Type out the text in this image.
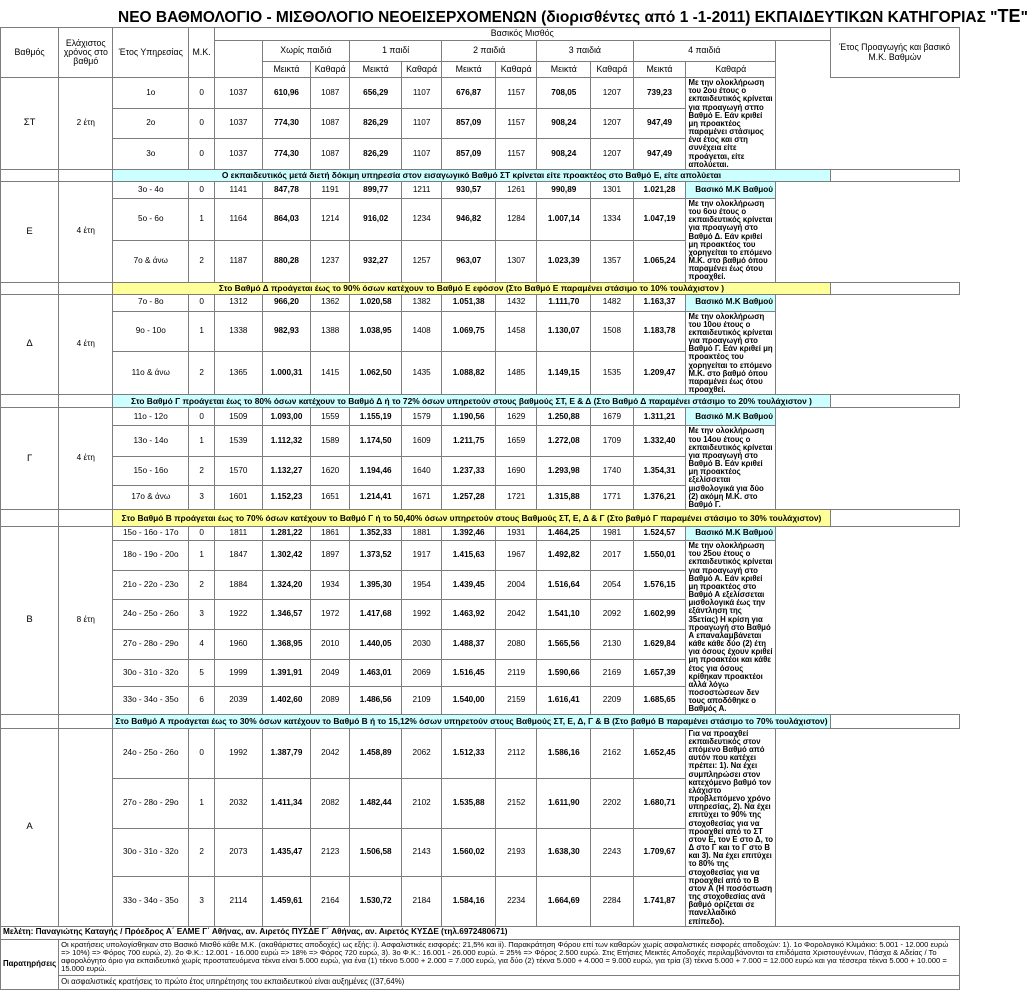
ΝΕΟ ΒΑΘΜΟΛΟΓΙΟ - ΜΙΣΘΟΛΟΓΙΟ ΝΕΟΕΙΣΕΡΧΟΜΕΝΩΝ (διορισθέντες από 1 -1-2011) ΕΚΠΑΙΔΕΥΤΙΚΩΝ ΚΑΤΗΓΟΡΙΑΣ "ΤΕ"
Βαθμός	Ελάχιστος χρόνος στο βαθμό	Έτος Υπηρεσίας	Μ.Κ.	Βασικός Μισθός											Έτος Προαγωγής και βασικό Μ.Κ. Βαθμών
					Χωρίς παιδιά		1 παιδί		2 παιδιά		3 παιδιά		4 παιδιά		
					Μεικτά	Καθαρά	Μεικτά	Καθαρά	Μεικτά	Καθαρά	Μεικτά	Καθαρά	Μεικτά	Καθαρά	
ΣΤ	2 έτη	1ο	0	1037	610,96	1087	656,29	1107	676,87	1157	708,05	1207	739,23	Με την ολοκλήρωση του 2ου έτους ο εκπαιδευτικός κρίνεται για προαγωγή στπο Βαθμό Ε. Εάν κριθεί μη προακτέος παραμένει στάσιμος ένα έτος και στη συνέχεια είτε προάγεται, είτε απολύεται.	
		2ο	0	1037	774,30	1087	826,29	1107	857,09	1157	908,24	1207	947,49		
		3ο	0	1037	774,30	1087	826,29	1107	857,09	1157	908,24	1207	947,49		
		Ο εκπαιδευτικός μετά διετή δόκιμη υπηρεσία στον εισαγωγικό Βαθμό ΣΤ κρίνεται είτε προακτέος στο Βαθμό Ε, είτε απολύεται													
Ε	4 έτη	3ο - 4ο	0	1141	847,78	1191	899,77	1211	930,57	1261	990,89	1301	1.021,28	Βασικό Μ.Κ Βαθμού	
		5ο - 6ο	1	1164	864,03	1214	916,02	1234	946,82	1284	1.007,14	1334	1.047,19	Με την ολοκλήρωση του 6ου έτους ο εκπαιδευτικός κρίνεται για προαγωγή στο Βαθμό Δ. Εάν κριθεί μη προακτέος του χορηγείται το επόμενο Μ.Κ. στο βαθμό όπου παραμένει έως ότου προαχθεί.	
		7ο & άνω	2	1187	880,28	1237	932,27	1257	963,07	1307	1.023,39	1357	1.065,24		
		Στο Βαθμό Δ προάγεται έως το 90% όσων κατέχουν το Βαθμό Ε εφόσον (Στο Βαθμό Ε παραμένει στάσιμο το 10% τουλάχιστον )													
Δ	4 έτη	7ο - 8ο	0	1312	966,20	1362	1.020,58	1382	1.051,38	1432	1.111,70	1482	1.163,37	Βασικό Μ.Κ Βαθμού	
		9ο - 10ο	1	1338	982,93	1388	1.038,95	1408	1.069,75	1458	1.130,07	1508	1.183,78	Με την ολοκλήρωση του 10ου έτους ο εκπαιδευτικός κρίνεται για προαγωγή στο Βαθμό Γ. Εάν κριθεί μη προακτέος του χορηγείται το επόμενο Μ.Κ. στο βαθμό όπου παραμένει έως ότου προαχθεί.	
		11ο & άνω	2	1365	1.000,31	1415	1.062,50	1435	1.088,82	1485	1.149,15	1535	1.209,47		
		Στο Βαθμό Γ προάγεται έως το 80% όσων κατέχουν το Βαθμό Δ ή το 72% όσων υπηρετούν στους βαθμούς ΣΤ, Ε & Δ (Στο Βαθμό Δ παραμένει στάσιμο το 20% τουλάχιστον )													
Γ	4 έτη	11ο - 12ο	0	1509	1.093,00	1559	1.155,19	1579	1.190,56	1629	1.250,88	1679	1.311,21	Βασικό Μ.Κ Βαθμού	
		13ο - 14ο	1	1539	1.112,32	1589	1.174,50	1609	1.211,75	1659	1.272,08	1709	1.332,40	Με την ολοκλήρωση του 14ου έτους ο εκπαιδευτικός κρίνεται για προαγωγή στο Βαθμό Β. Εάν κριθεί μη προακτέος εξελίσσεται μισθολογικά για δύο (2) ακόμη Μ.Κ. στο Βαθμό Γ.	
		15ο - 16ο	2	1570	1.132,27	1620	1.194,46	1640	1.237,33	1690	1.293,98	1740	1.354,31		
		17ο & άνω	3	1601	1.152,23	1651	1.214,41	1671	1.257,28	1721	1.315,88	1771	1.376,21		
		Στο Βαθμό Β προάγεται έως το 70% όσων κατέχουν το Βαθμό Γ ή το 50,40% όσων υπηρετούν στους Βαθμούς ΣΤ, Ε, Δ & Γ (Στο βαθμό Γ παραμένει στάσιμο το 30% τουλάχιστον)													
Β	8 έτη	15ο - 16ο - 17ο	0	1811	1.281,22	1861	1.352,33	1881	1.392,46	1931	1.464,25	1981	1.524,57	Βασικό Μ.Κ Βαθμού	
		18ο - 19ο - 20ο	1	1847	1.302,42	1897	1.373,52	1917	1.415,63	1967	1.492,82	2017	1.550,01	Με την ολοκλήρωση του 25ου έτους ο εκπαιδευτικός κρίνεται για προαγωγή στο Βαθμό Α. Εάν κριθεί μη προακτέος στο Βαθμό Α εξελίσσεται μισθολογικά έως την εξάντληση της 35ετίας) Η κρίση για προαγωγή στο Βαθμό Α επαναλαμβάνεται κάθε κάθε δύο (2) έτη για όσους έχουν κριθεί μη προακτέοι και κάθε έτος για όσους κρίθηκαν προακτέοι αλλά λόγω ποσοστώσεων δεν τους αποδόθηκε ο Βαθμός Α.	
		21ο - 22ο - 23ο	2	1884	1.324,20	1934	1.395,30	1954	1.439,45	2004	1.516,64	2054	1.576,15		
		24ο - 25ο - 26ο	3	1922	1.346,57	1972	1.417,68	1992	1.463,92	2042	1.541,10	2092	1.602,99		
		27ο - 28ο - 29ο	4	1960	1.368,95	2010	1.440,05	2030	1.488,37	2080	1.565,56	2130	1.629,84		
		30ο - 31ο - 32ο	5	1999	1.391,91	2049	1.463,01	2069	1.516,45	2119	1.590,66	2169	1.657,39		
		33ο - 34ο - 35ο	6	2039	1.402,60	2089	1.486,56	2109	1.540,00	2159	1.616,41	2209	1.685,65		
		Στο Βαθμό Α προάγεται έως το 30% όσων κατέχουν το Βαθμό Β ή το 15,12% όσων υπηρετούν στους Βαθμούς ΣΤ, Ε, Δ, Γ & Β (Στο βαθμό Β παραμένει στάσιμο το 70% τουλάχιστον)													
Α		24ο - 25ο - 26ο	0	1992	1.387,79	2042	1.458,89	2062	1.512,33	2112	1.586,16	2162	1.652,45	Για να προαχθεί εκπαιδευτικός στον επόμενο Βαθμό από αυτόν που κατέχει πρέπει: 1). Να έχει συμπληρώσει στον κατεχόμενο βαθμό τον ελάχιστο προβλεπόμενο χρόνο υπηρεσίας, 2). Να έχει επιτύχει το 90% της στοχοθεσίας για να προαχθεί από το ΣΤ στον Ε, τον Ε στο Δ, το Δ στο Γ και το Γ στο Β και 3). Να έχει επιτύχει το 80% της στοχοθεσίας για να προαχθεί από το Β στον Α (Η ποσόστωση της στοχοθεσίας ανά βαθμό ορίζεται σε πανελλαδικό επίπεδο).	
		27ο - 28ο - 29ο	1	2032	1.411,34	2082	1.482,44	2102	1.535,88	2152	1.611,90	2202	1.680,71		
		30ο - 31ο - 32ο	2	2073	1.435,47	2123	1.506,58	2143	1.560,02	2193	1.638,30	2243	1.709,67		
		33ο - 34ο - 35ο	3	2114	1.459,61	2164	1.530,72	2184	1.584,16	2234	1.664,69	2284	1.741,87		
Μελέτη: Παναγιώτης Καταγής / Πρόεδρος Α΄ ΕΛΜΕ Γ΄ Αθήνας, αν. Αιρετός ΠΥΣΔΕ Γ΄ Αθήνας, αν. Αιρετός ΚΥΣΔΕ (τηλ.6972480671)															
Παρατηρήσεις	Οι κρατήσεις υπολογίσθηκαν στο Βασικό Μισθό κάθε Μ.Κ. (ακαθάριστες αποδοχές) ως εξής: i). Ασφαλιστικές εισφορές: 21,5% και ii). Παρακράτηση Φόρου επί των καθαρών χωρίς ασφαλιστικές εισφορές αποδοχών: 1). 1ο Φορολογικό Κλιμάκιο: 5.001 - 12.000 ευρώ => 10%) => Φόρος 700 ευρώ, 2). 2ο Φ.Κ.: 12.001 - 16.000 ευρώ => 18% => Φόρος 720 ευρώ, 3). 3ο Φ.Κ.: 16.001 - 26.000 ευρώ. = 25% => Φόρος 2.500 ευρώ. Στις Ετήσιες Μεικτές Αποδοχές περιλαμβάνονται τα επιδόματα Χριστουγέννων, Πάσχα & Αδείας / Το αφορολόγητο όριο για εκπαιδευτικό χωρίς προστατευόμενα τέκνα είναι 5.000 ευρώ, για ένα (1) τέκνο 5.000 + 2.000 = 7.000 ευρώ, για δύο (2) τέκνα 5.000 + 4.000 = 9.000 ευρώ, για τρία (3) τέκνα 5.000 + 7.000 = 12.000 ευρώ και για τέσσερα τέκνα 5.000 + 10.000 = 15.000 ευρώ.														
	Οι ασφαλιστικές κρατήσεις το πρώτο έτος υπηρέτησης του εκπαιδευτικού είναι αυξημένες ((37,64%)														
